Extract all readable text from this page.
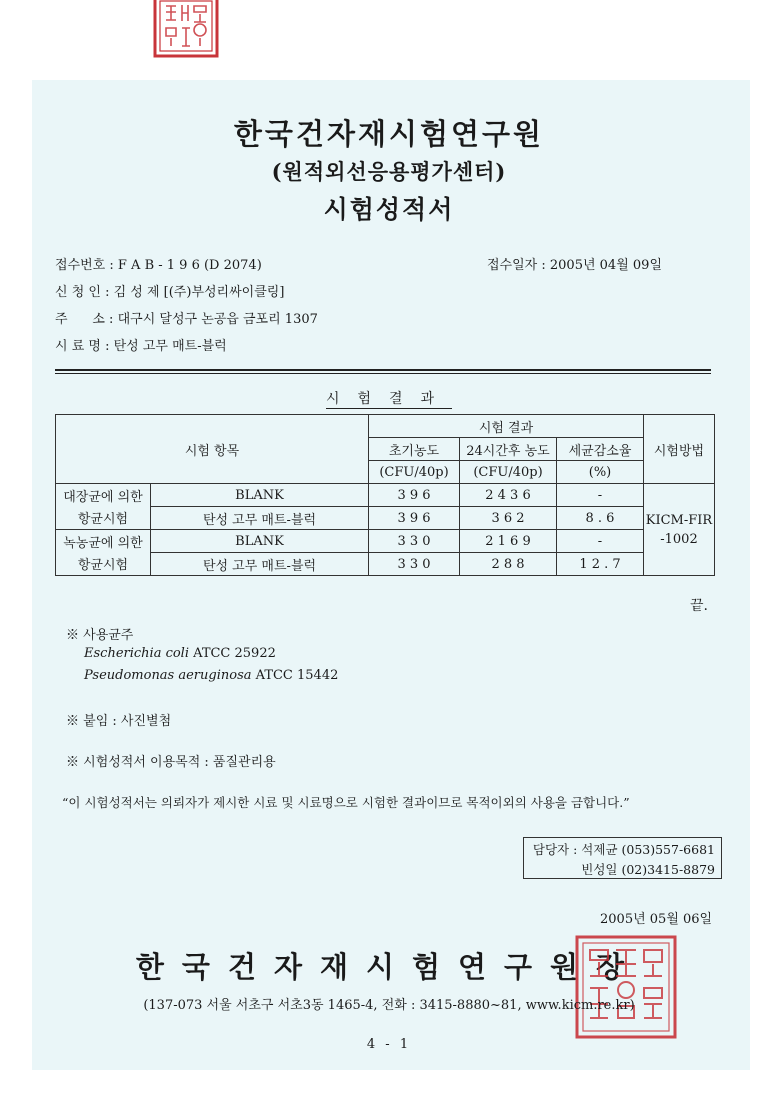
한국건자재시험연구원
(원적외선응용평가센터)
시험성적서
접수번호 : F A B - 1 9 6 (D 2074)	접수일자 : 2005년 04월 09일
신 청 인 : 김 성 제 [(주)부성리싸이클링]
주      소 : 대구시 달성구 논공읍 금포리 1307
시 료 명 : 탄성 고무 매트-블럭
시험결과
시험 항목		시험 결과			시험방법
		초기농도	24시간후 농도	세균감소율	
		(CFU/40p)	(CFU/40p)	(%)	
대장균에 의한	BLANK	3 9 6	2 4 3 6	-	KICM-FIR
-1002

항균시험	탄성 고무 매트-블럭	3 9 6	3 6 2	8 . 6	
녹농균에 의한	BLANK	3 3 0	2 1 6 9	-	
항균시험	탄성 고무 매트-블럭	3 3 0	2 8 8	1 2 . 7	
끝.
※ 사용균주
Escherichia coli ATCC 25922
Pseudomonas aeruginosa ATCC 15442
※ 붙임 : 사진별첨
※ 시험성적서 이용목적 : 품질관리용
“이 시험성적서는 의뢰자가 제시한 시료 및 시료명으로 시험한 결과이므로 목적이외의 사용을 금합니다.”
담당자 : 석제균 (053)557-6681
빈성일 (02)3415-8879
2005년 05월 06일
한국건자재시험연구원장
(137-073 서울 서초구 서초3동 1465-4, 전화 : 3415-8880~81, www.kicm.re.kr)
4 - 1
